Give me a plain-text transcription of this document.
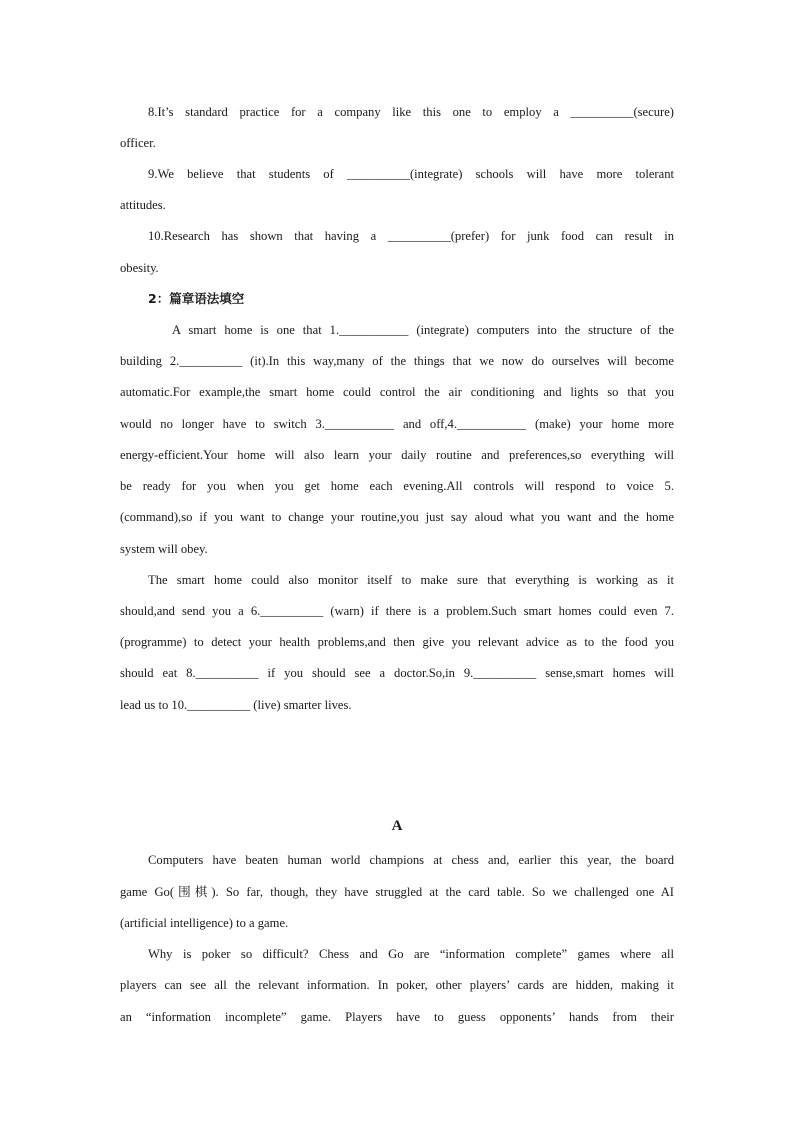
8.It’s standard practice for a company like this one to employ a __________(secure)
officer.
9.We believe that students of __________(integrate) schools will have more tolerant
attitudes.
10.Research has shown that having a __________(prefer) for junk food can result in
obesity.
2：篇章语法填空
A smart home is one that 1.___________ (integrate) computers into the structure of the
building 2.__________ (it).In this way,many of the things that we now do ourselves will become
automatic.For example,the smart home could control the air conditioning and lights so that you
would no longer have to switch 3.___________ and off,4.___________ (make) your home more
energy-efficient.Your home will also learn your daily routine and preferences,so everything will
be ready for you when you get home each evening.All controls will respond to voice 5.
(command),so if you want to change your routine,you just say aloud what you want and the home
system will obey.
The smart home could also monitor itself to make sure that everything is working as it
should,and send you a 6.__________ (warn) if there is a problem.Such smart homes could even 7.
(programme) to detect your health problems,and then give you relevant advice as to the food you
should eat 8.__________ if you should see a doctor.So,in 9.__________ sense,smart homes will
lead us to 10.__________ (live) smarter lives.
A
Computers have beaten human world champions at chess and, earlier this year, the board
game Go(围棋). So far, though, they have struggled at the card table. So we challenged one AI
(artificial intelligence) to a game.
Why is poker so difficult? Chess and Go are “information complete” games where all
players can see all the relevant information. In poker, other players’ cards are hidden, making it
an “information incomplete” game. Players have to guess opponents’ hands from their
